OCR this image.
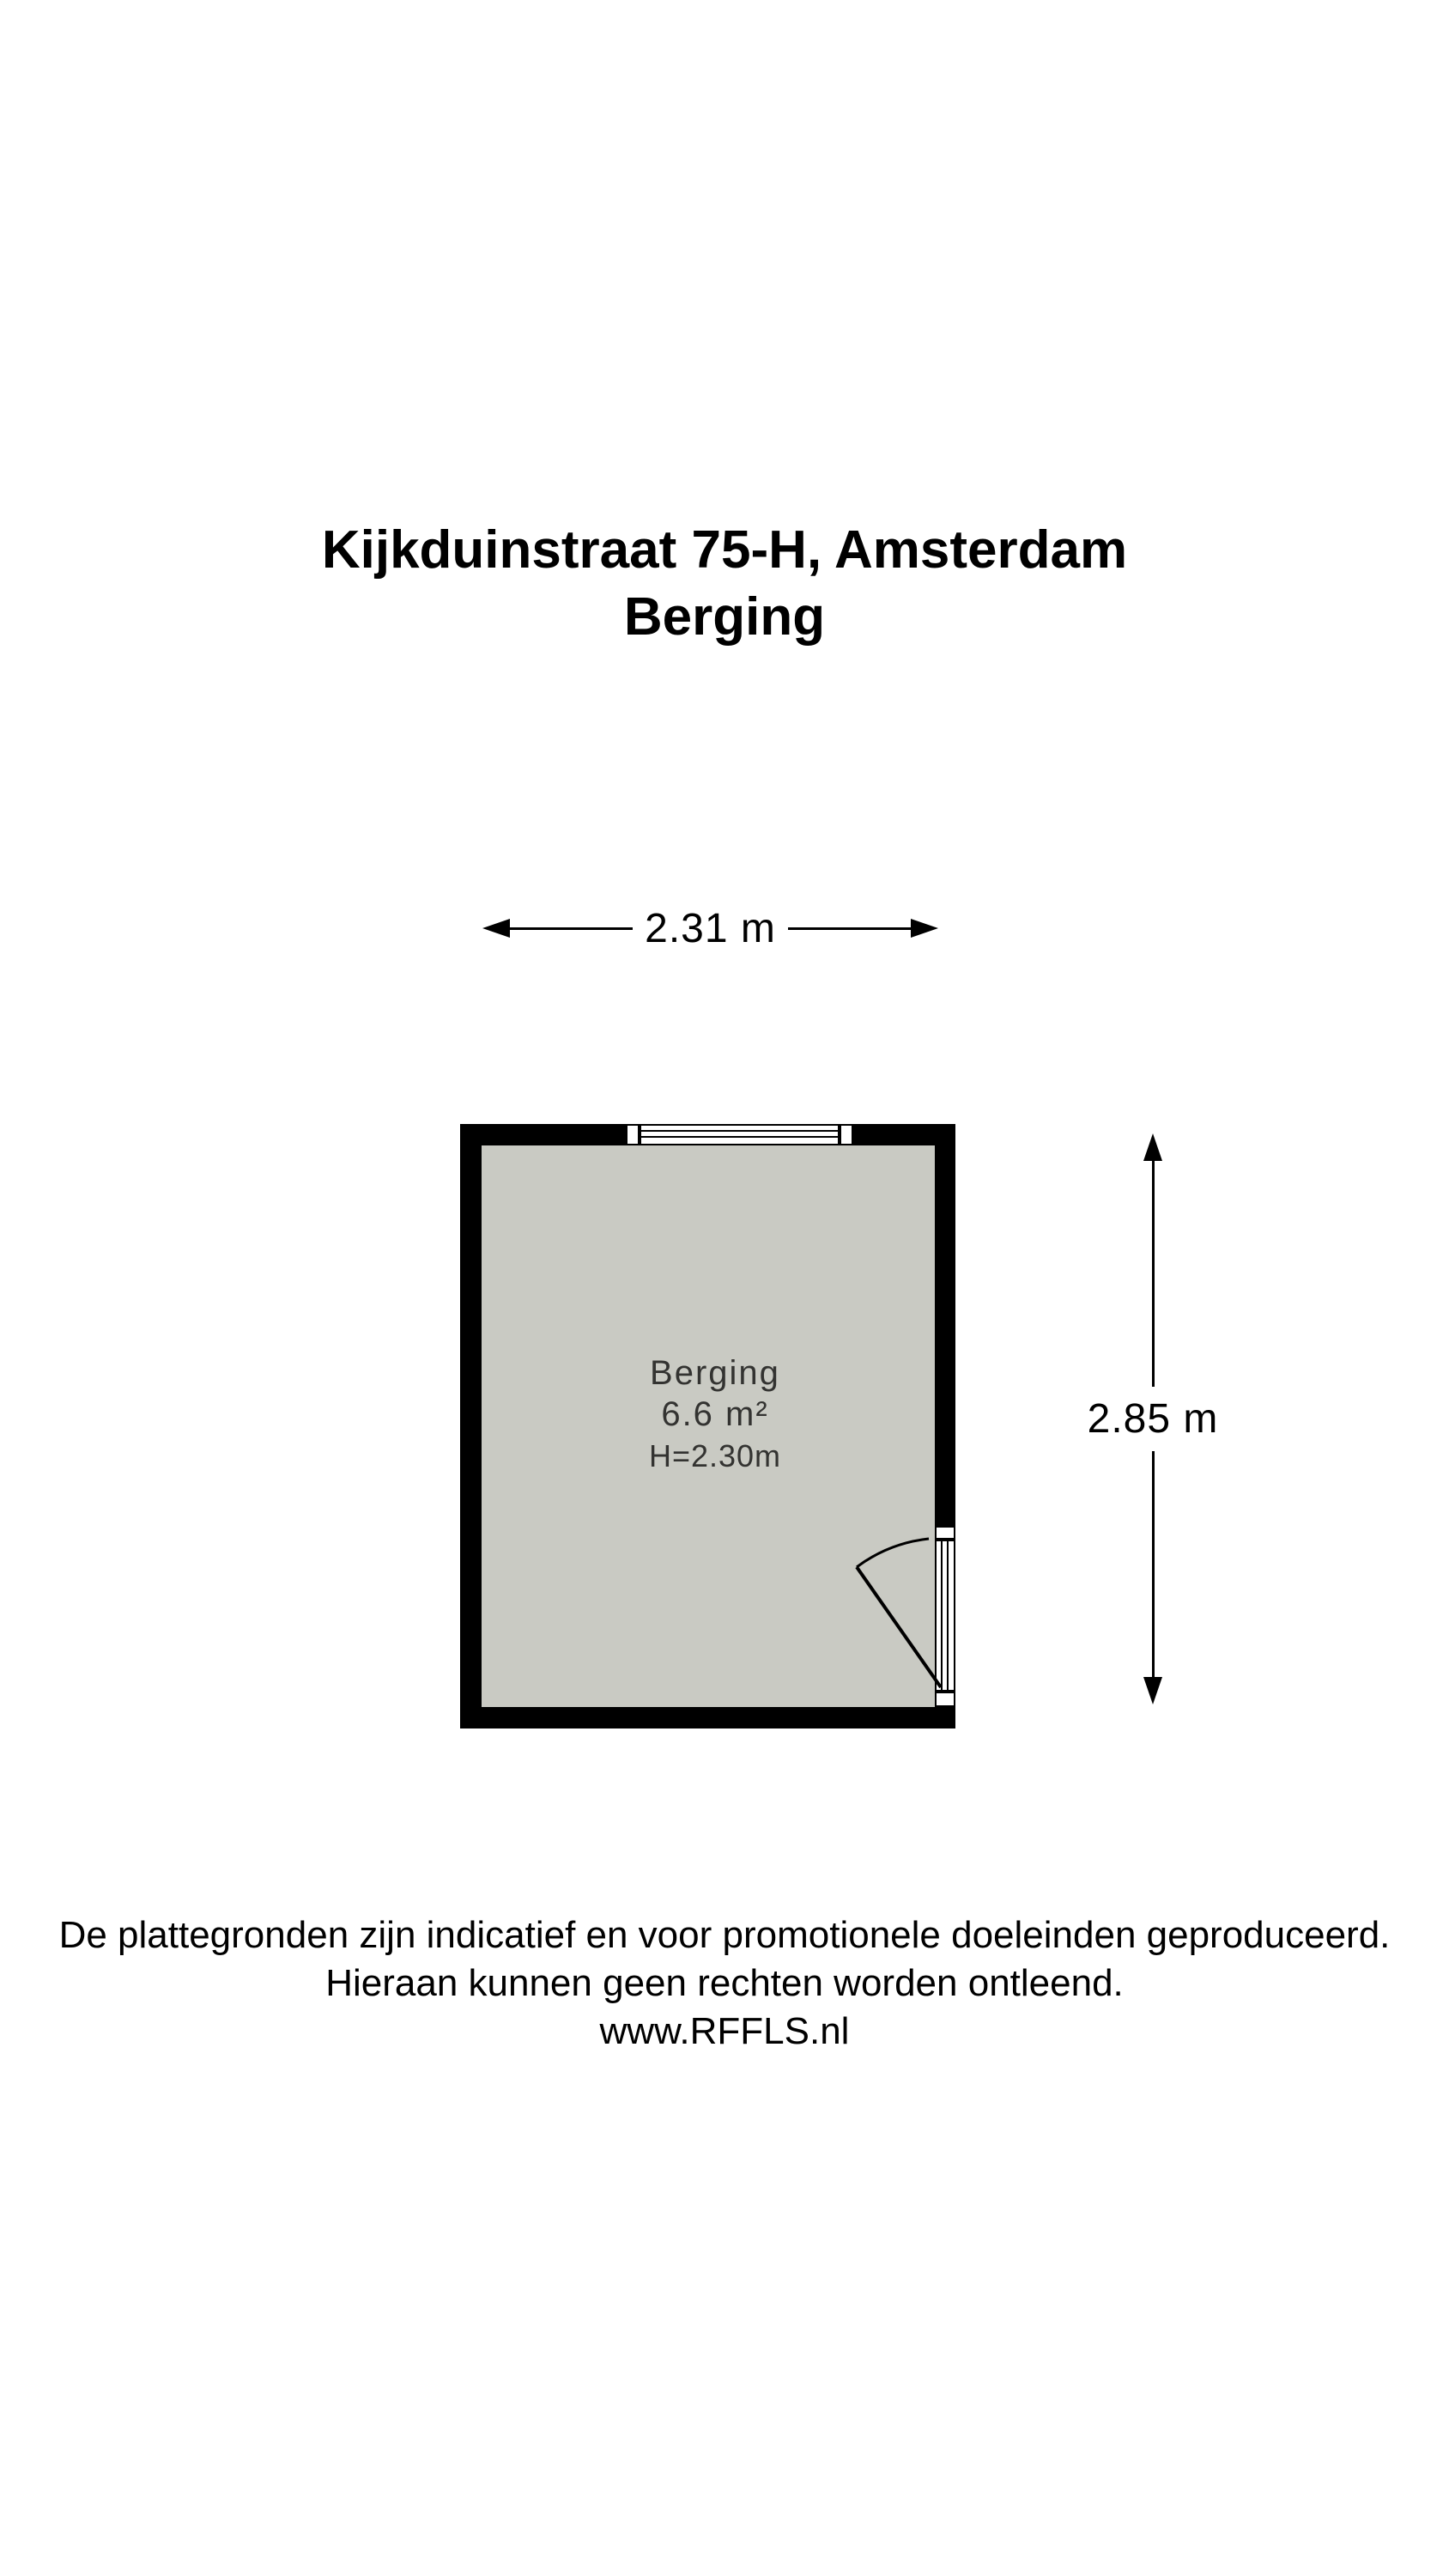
Kijkduinstraat 75-H, Amsterdam
Berging
2.31 m
Berging
6.6 m²
H=2.30m
2.85 m
De plattegronden zijn indicatief en voor promotionele doeleinden geproduceerd.
Hieraan kunnen geen rechten worden ontleend.
www.RFFLS.nl
